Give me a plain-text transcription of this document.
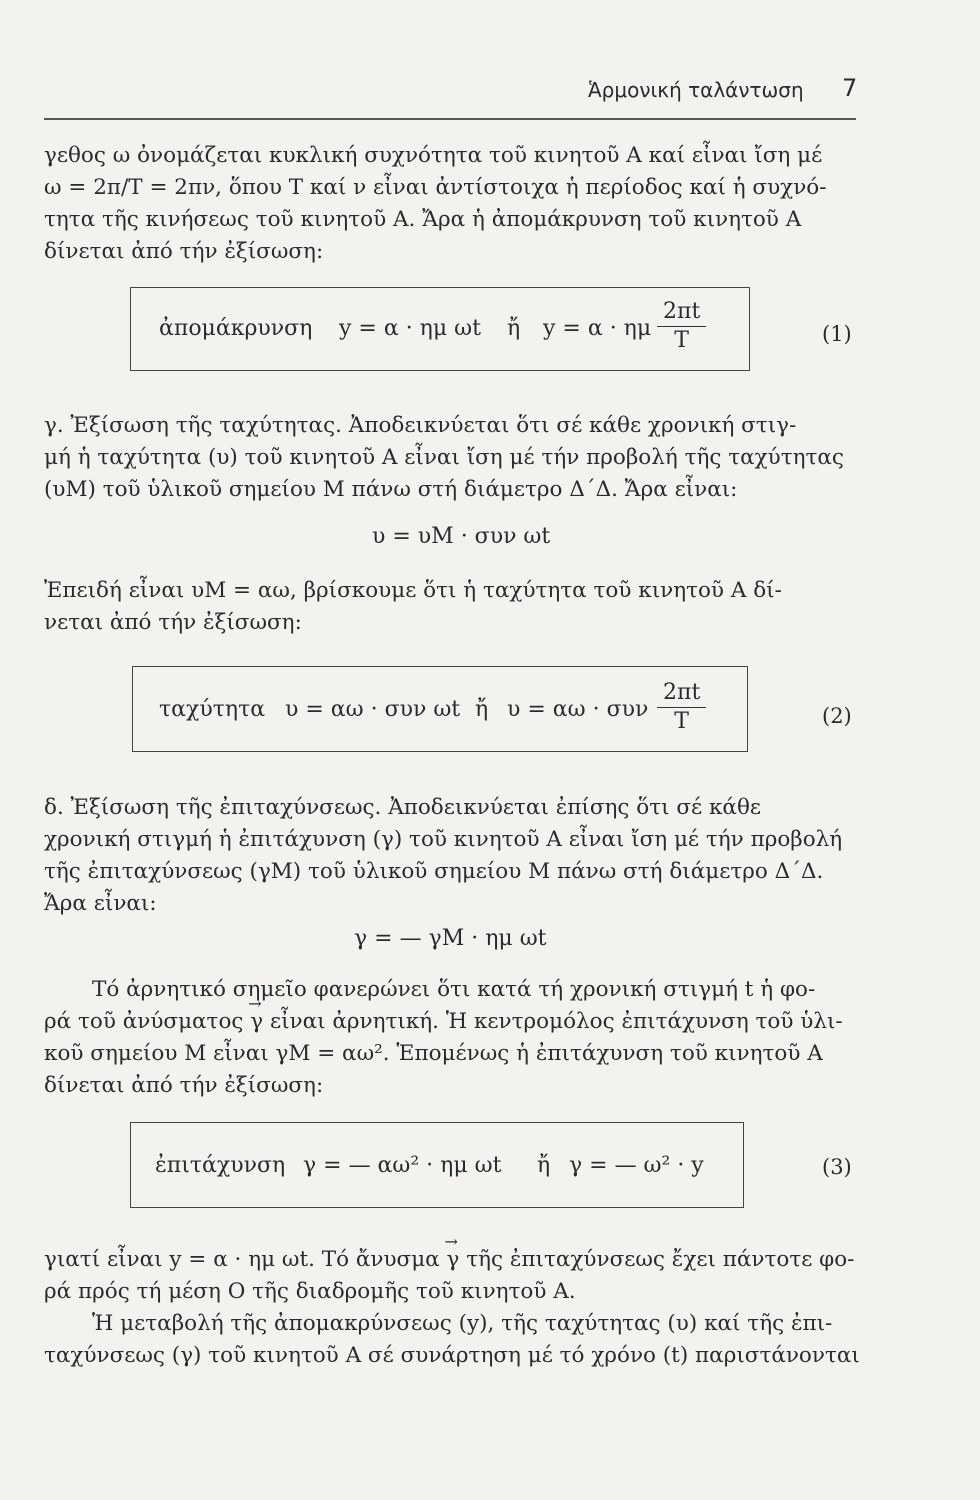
Ἁρμονική ταλάντωση 7
γεθος ω ὀνομάζεται κυκλική συχνότητα τοῦ κινητοῦ Α καί εἶναι ἴση μέ
ω = 2π/T = 2πν, ὅπου T καί ν εἶναι ἀντίστοιχα ἡ περίοδος καί ἡ συχνό-
τητα τῆς κινήσεως τοῦ κινητοῦ Α. Ἄρα ἡ ἀπομάκρυνση τοῦ κινητοῦ Α
δίνεται ἀπό τήν ἐξίσωση:
ἀπομάκρυνση y = α · ημ ωt ἤ y = α · ημ $\frac{2\pi t}{T}$	(1)
γ. Ἐξίσωση τῆς ταχύτητας. Ἀποδεικνύεται ὅτι σέ κάθε χρονική στιγ-
μή ἡ ταχύτητα (υ) τοῦ κινητοῦ Α εἶναι ἴση μέ τήν προβολή τῆς ταχύτητας
(υM) τοῦ ὑλικοῦ σημείου Μ πάνω στή διάμετρο Δ΄Δ. Ἄρα εἶναι:
υ = υM · συν ωt
Ἐπειδή εἶναι υM = αω, βρίσκουμε ὅτι ἡ ταχύτητα τοῦ κινητοῦ Α δί-
νεται ἀπό τήν ἐξίσωση:
ταχύτητα υ = αω · συν ωt ἤ υ = αω · συν $\frac{2\pi t}{T}$	(2)
δ. Ἐξίσωση τῆς ἐπιταχύνσεως. Ἀποδεικνύεται ἐπίσης ὅτι σέ κάθε
χρονική στιγμή ἡ ἐπιτάχυνση (γ) τοῦ κινητοῦ Α εἶναι ἴση μέ τήν προβολή
τῆς ἐπιταχύνσεως (γM) τοῦ ὑλικοῦ σημείου Μ πάνω στή διάμετρο Δ΄Δ.
Ἄρα εἶναι:
γ = — γM · ημ ωt
Τό ἀρνητικό σημεῖο φανερώνει ὅτι κατά τή χρονική στιγμή t ἡ φο-
ρά τοῦ ἀνύσματος → γ εἶναι ἀρνητική. Ἡ κεντρομόλος ἐπιτάχυνση τοῦ ὑλι-
κοῦ σημείου Μ εἶναι γM = αω². Ἑπομένως ἡ ἐπιτάχυνση τοῦ κινητοῦ Α
δίνεται ἀπό τήν ἐξίσωση:
ἐπιτάχυνση γ = — αω² · ημ ωt ἤ γ = — ω² · y	(3)
γιατί εἶναι y = α · ημ ωt. Τό ἄνυσμα → γ τῆς ἐπιταχύνσεως ἔχει πάντοτε φο-
ρά πρός τή μέση Ο τῆς διαδρομῆς τοῦ κινητοῦ Α.
Ἡ μεταβολή τῆς ἀπομακρύνσεως (y), τῆς ταχύτητας (υ) καί τῆς ἐπι-
ταχύνσεως (γ) τοῦ κινητοῦ Α σέ συνάρτηση μέ τό χρόνο (t) παριστάνονται
